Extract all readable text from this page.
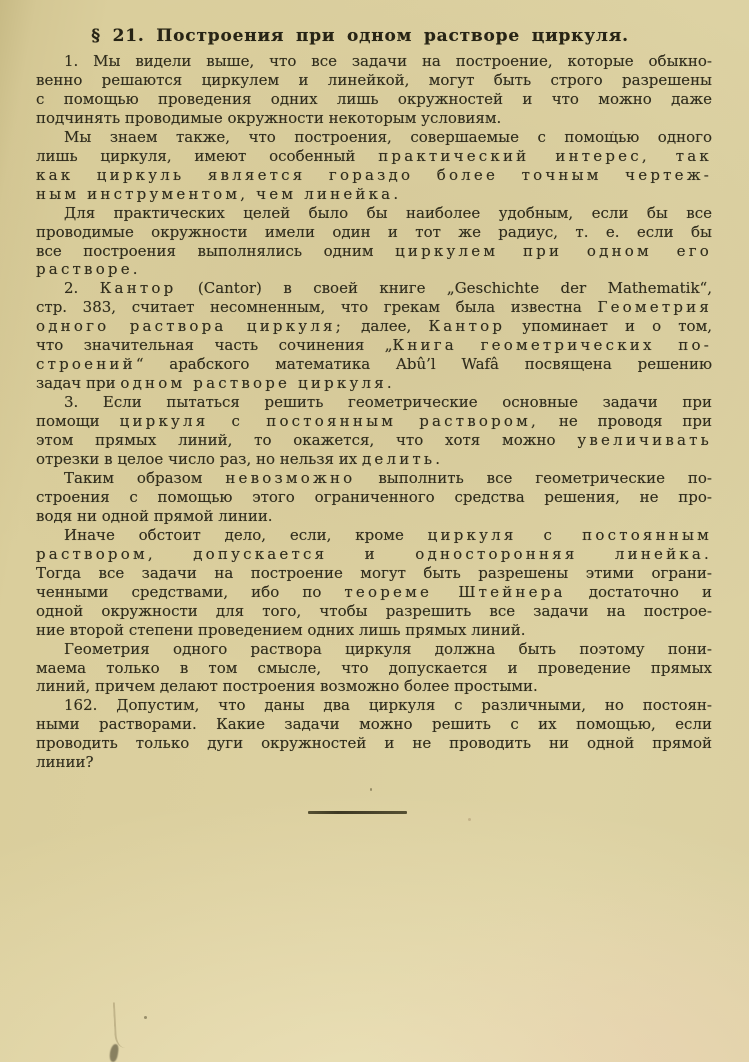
§ 21. Построения при одном растворе циркуля.
1. Мы видели выше, что все задачи на построение, которые обыкно-
венно решаются циркулем и линейкой, могут быть строго разрешены
с помощью проведения одних лишь окружностей и что можно даже
подчинять проводимые окружности некоторым условиям.
Мы знаем также, что построения, совершаемые с помощью одного
лишь циркуля, имеют особенный практический интерес, так
как циркуль является гораздо более точным чертеж-
ным инструментом, чем линейка.
Для практических целей было бы наиболее удобным, если бы все
проводимые окружности имели один и тот же радиус, т. е. если бы
все построения выполнялись одним циркулем при одном его
растворе.
2. Кантор (Cantor) в своей книге „Geschichte der Mathematik“,
стр. 383, считает несомненным, что грекам была известна Геометрия
одного раствора циркуля; далее, Кантор упоминает и о том,
что значительная часть сочинения „Книга геометрических по-
строений“ арабского математика Abû’l Wafâ посвящена решению
задач при одном растворе циркуля.
3. Если пытаться решить геометрические основные задачи при
помощи циркуля с постоянным раствором, не проводя при
этом прямых линий, то окажется, что хотя можно увеличивать
отрезки в целое число раз, но нельзя их делить.
Таким образом невозможно выполнить все геометрические по-
строения с помощью этого ограниченного средства решения, не про-
водя ни одной прямой линии.
Иначе обстоит дело, если, кроме циркуля с постоянным
раствором, допускается и односторонняя линейка.
Тогда все задачи на построение могут быть разрешены этими ограни-
ченными средствами, ибо по теореме Штейнера достаточно и
одной окружности для того, чтобы разрешить все задачи на построе-
ние второй степени проведением одних лишь прямых линий.
Геометрия одного раствора циркуля должна быть поэтому пони-
маема только в том смысле, что допускается и проведение прямых
линий, причем делают построения возможно более простыми.
162. Допустим, что даны два циркуля с различными, но постоян-
ными растворами. Какие задачи можно решить с их помощью, если
проводить только дуги окружностей и не проводить ни одной прямой
линии?
